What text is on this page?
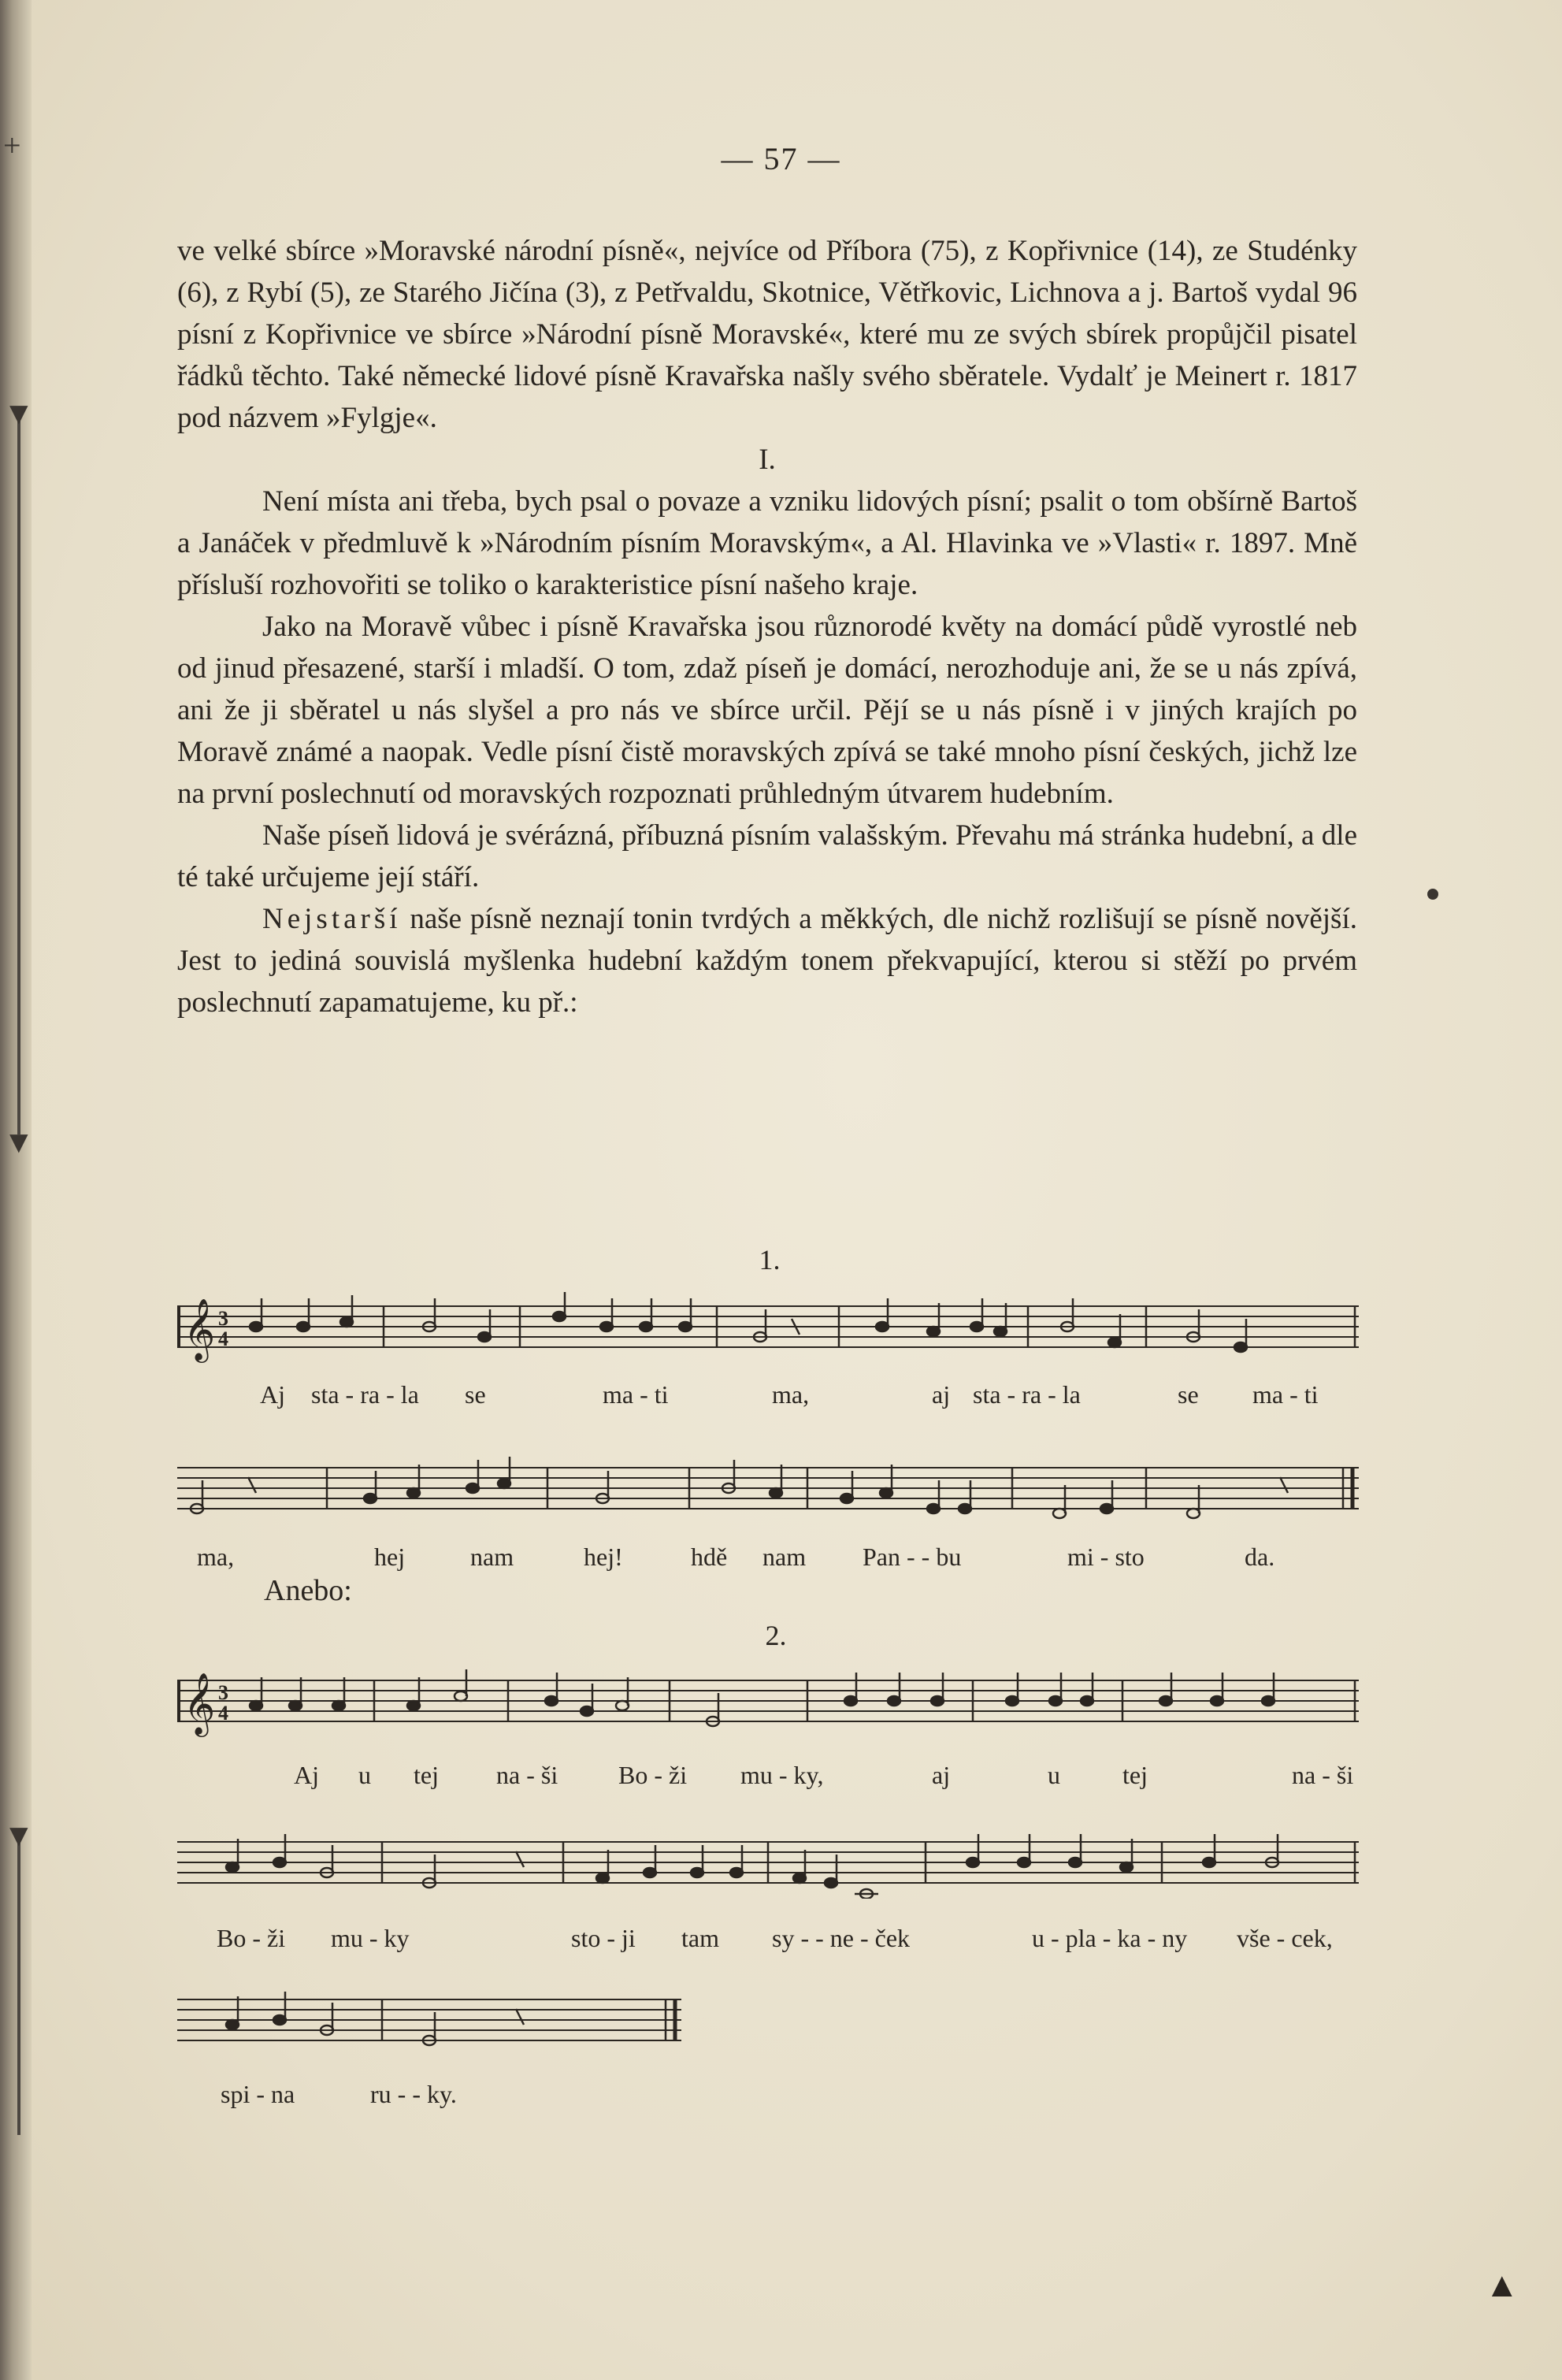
+
▼
▼
▼
— 57 —

ve velké sbírce »Moravské národní písně«, nejvíce od Příbora (75), z Kopřivnice (14), ze Studénky (6), z Rybí (5), ze Starého Jičína (3), z Petřvaldu, Skotnice, Větřkovic, Lichnova a j. Bartoš vydal 96 písní z Kopřivnice ve sbírce »Národní písně Moravské«, které mu ze svých sbírek propůjčil pisatel řádků těchto. Také německé lidové písně Kravařska našly svého sběratele. Vydalť je Meinert r. 1817 pod názvem »Fylgje«.

I.

Není místa ani třeba, bych psal o povaze a vzniku lidových písní; psalit o tom obšírně Bartoš a Janáček v předmluvě k »Národním písním Moravským«, a Al. Hlavinka ve »Vlasti« r. 1897. Mně přísluší rozhovořiti se toliko o karakteristice písní našeho kraje.

Jako na Moravě vůbec i písně Kravařska jsou různorodé květy na domácí půdě vyrostlé neb od jinud přesazené, starší i mladší. O tom, zdaž píseň je domácí, nerozhoduje ani, že se u nás zpívá, ani že ji sběratel u nás slyšel a pro nás ve sbírce určil. Pějí se u nás písně i v jiných krajích po Moravě známé a naopak. Vedle písní čistě moravských zpívá se také mnoho písní českých, jichž lze na první poslechnutí od moravských rozpoznati průhledným útvarem hudebním.

Naše píseň lidová je svérázná, příbuzná písním valašským. Převahu má stránka hudební, a dle té také určujeme její stáří.

Nejstarší naše písně neznají tonin tvrdých a měkkých, dle nichž rozlišují se písně novější. Jest to jediná souvislá myšlenka hudební každým tonem překvapující, kterou si stěží po prvém poslechnutí zapamatujeme, ku př.:

1.
𝄞 3
4
Aj sta - ra - la se	ma - ti	ma,	aj sta - ra - la	se ma - ti
ma,	hej	nam	hej!	hdě nam Pan - - bu	mi - sto	da.
Anebo:
2.
𝄞 3
4
Aj u tej na - ši Bo - ži mu - ky,	aj	u tej	na - ši
Bo - ži mu - ky	sto - ji tam sy - - ne - ček	u - pla - ka - ny vše - cek,
spi - na	ru - - ky.
▲
